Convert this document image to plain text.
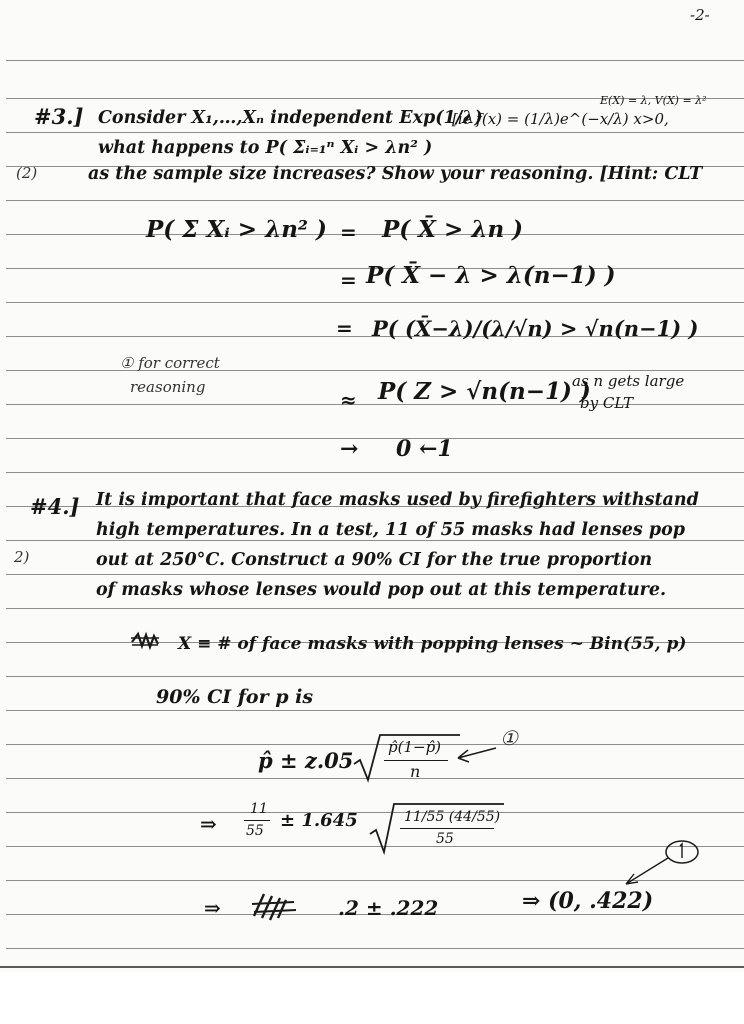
-2-
#3.]
(2)
Consider X₁,…,Xₙ independent Exp(1/λ)
[ie f(x) = (1/λ)e^(−x/λ) x>0,
E(X) = λ, V(X) = λ²
what happens to P( Σᵢ₌₁ⁿ Xᵢ > λn² )
as the sample size increases? Show your reasoning. [Hint: CLT
P( Σ Xᵢ > λn² ) = P( X̄ > λn )
= P( X̄ − λ > λ(n−1) )
= P( (X̄−λ)/(λ/√n) > √n(n−1) )
① for correct
reasoning
≈ P( Z > √n(n−1) )
as n gets large
by CLT
→ 0 ←1
#4.]
2)
It is important that face masks used by firefighters withstand
high temperatures. In a test, 11 of 55 masks had lenses pop
out at 250°C. Construct a 90% CI for the true proportion
of masks whose lenses would pop out at this temperature.
X ≡ # of face masks with popping lenses ~ Bin(55, p)
90% CI for p is
p̂ ± z.05
p̂(1−p̂)
n
①
⇒
11
55 ± 1.645	11/55 (44/55)
55
⇒	.2 ± .222	⇒ (0, .422)
